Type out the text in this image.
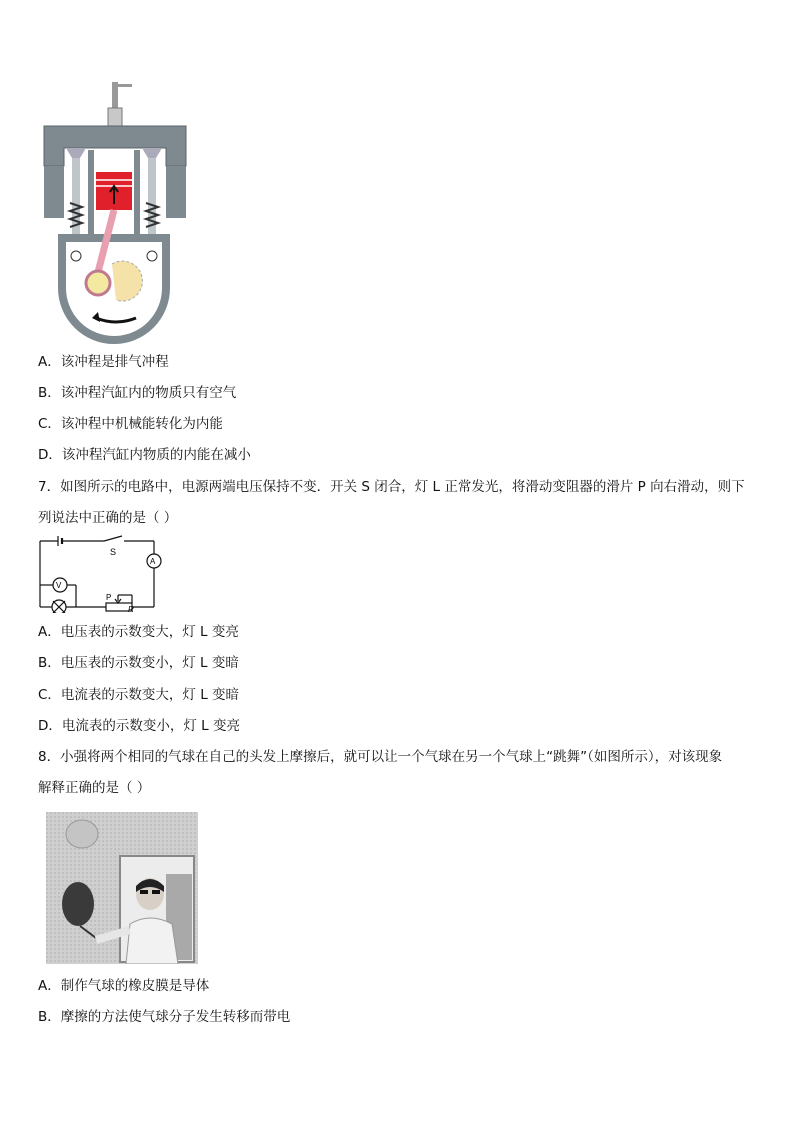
A．该冲程是排气冲程
B．该冲程汽缸内的物质只有空气
C．该冲程中机械能转化为内能
D．该冲程汽缸内物质的内能在减小
7．如图所示的电路中，电源两端电压保持不变．开关 S 闭合，灯 L 正常发光，将滑动变阻器的滑片 P 向右滑动，则下
列说法中正确的是（ ）
S
A
V
P
R
A．电压表的示数变大，灯 L 变亮
B．电压表的示数变小，灯 L 变暗
C．电流表的示数变大，灯 L 变暗
D．电流表的示数变小，灯 L 变亮
8．小强将两个相同的气球在自己的头发上摩擦后，就可以让一个气球在另一个气球上“跳舞”（如图所示），对该现象
解释正确的是（ ）
A．制作气球的橡皮膜是导体
B．摩擦的方法使气球分子发生转移而带电
